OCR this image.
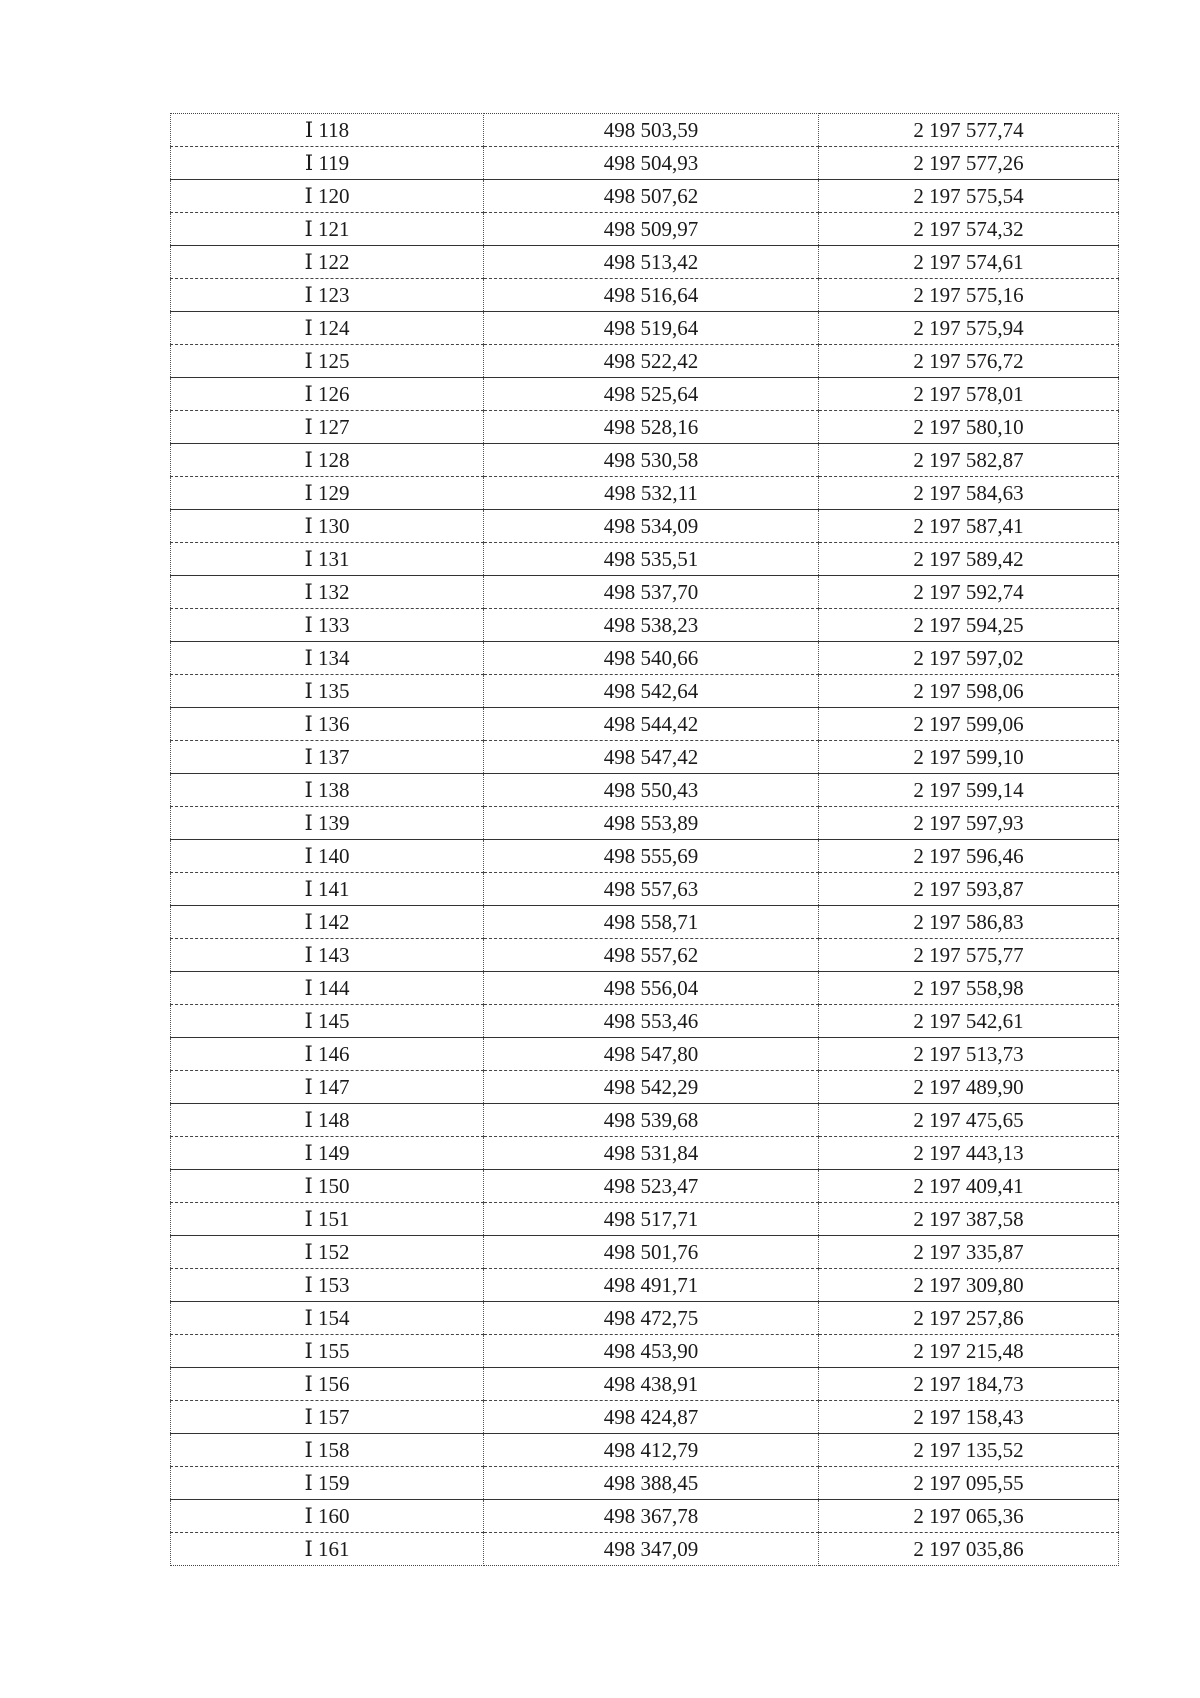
Ⅰ 118	498 503,59	2 197 577,74
Ⅰ 119	498 504,93	2 197 577,26
Ⅰ 120	498 507,62	2 197 575,54
Ⅰ 121	498 509,97	2 197 574,32
Ⅰ 122	498 513,42	2 197 574,61
Ⅰ 123	498 516,64	2 197 575,16
Ⅰ 124	498 519,64	2 197 575,94
Ⅰ 125	498 522,42	2 197 576,72
Ⅰ 126	498 525,64	2 197 578,01
Ⅰ 127	498 528,16	2 197 580,10
Ⅰ 128	498 530,58	2 197 582,87
Ⅰ 129	498 532,11	2 197 584,63
Ⅰ 130	498 534,09	2 197 587,41
Ⅰ 131	498 535,51	2 197 589,42
Ⅰ 132	498 537,70	2 197 592,74
Ⅰ 133	498 538,23	2 197 594,25
Ⅰ 134	498 540,66	2 197 597,02
Ⅰ 135	498 542,64	2 197 598,06
Ⅰ 136	498 544,42	2 197 599,06
Ⅰ 137	498 547,42	2 197 599,10
Ⅰ 138	498 550,43	2 197 599,14
Ⅰ 139	498 553,89	2 197 597,93
Ⅰ 140	498 555,69	2 197 596,46
Ⅰ 141	498 557,63	2 197 593,87
Ⅰ 142	498 558,71	2 197 586,83
Ⅰ 143	498 557,62	2 197 575,77
Ⅰ 144	498 556,04	2 197 558,98
Ⅰ 145	498 553,46	2 197 542,61
Ⅰ 146	498 547,80	2 197 513,73
Ⅰ 147	498 542,29	2 197 489,90
Ⅰ 148	498 539,68	2 197 475,65
Ⅰ 149	498 531,84	2 197 443,13
Ⅰ 150	498 523,47	2 197 409,41
Ⅰ 151	498 517,71	2 197 387,58
Ⅰ 152	498 501,76	2 197 335,87
Ⅰ 153	498 491,71	2 197 309,80
Ⅰ 154	498 472,75	2 197 257,86
Ⅰ 155	498 453,90	2 197 215,48
Ⅰ 156	498 438,91	2 197 184,73
Ⅰ 157	498 424,87	2 197 158,43
Ⅰ 158	498 412,79	2 197 135,52
Ⅰ 159	498 388,45	2 197 095,55
Ⅰ 160	498 367,78	2 197 065,36
Ⅰ 161	498 347,09	2 197 035,86
